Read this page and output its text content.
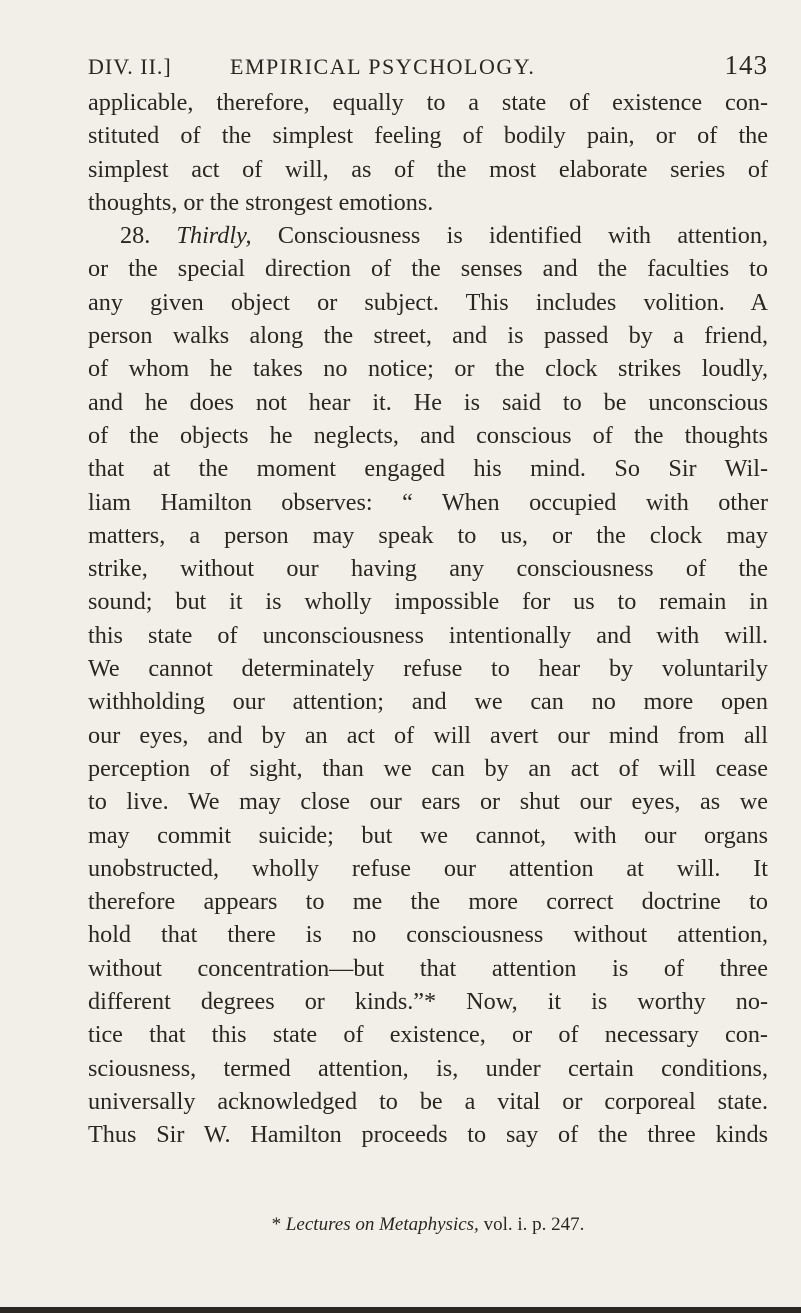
DIV. II.]	EMPIRICAL PSYCHOLOGY.	143
applicable, therefore, equally to a state of existence con-
stituted of the simplest feeling of bodily pain, or of the
simplest act of will, as of the most elaborate series of
thoughts, or the strongest emotions.
28. Thirdly, Consciousness is identified with attention,
or the special direction of the senses and the faculties to
any given object or subject. This includes volition. A
person walks along the street, and is passed by a friend,
of whom he takes no notice; or the clock strikes loudly,
and he does not hear it. He is said to be unconscious
of the objects he neglects, and conscious of the thoughts
that at the moment engaged his mind. So Sir Wil-
liam Hamilton observes: “ When occupied with other
matters, a person may speak to us, or the clock may
strike, without our having any consciousness of the
sound; but it is wholly impossible for us to remain in
this state of unconsciousness intentionally and with will.
We cannot determinately refuse to hear by voluntarily
withholding our attention; and we can no more open
our eyes, and by an act of will avert our mind from all
perception of sight, than we can by an act of will cease
to live. We may close our ears or shut our eyes, as we
may commit suicide; but we cannot, with our organs
unobstructed, wholly refuse our attention at will. It
therefore appears to me the more correct doctrine to
hold that there is no consciousness without attention,
without concentration—but that attention is of three
different degrees or kinds.”* Now, it is worthy no-
tice that this state of existence, or of necessary con-
sciousness, termed attention, is, under certain conditions,
universally acknowledged to be a vital or corporeal state.
Thus Sir W. Hamilton proceeds to say of the three kinds
* Lectures on Metaphysics, vol. i. p. 247.
